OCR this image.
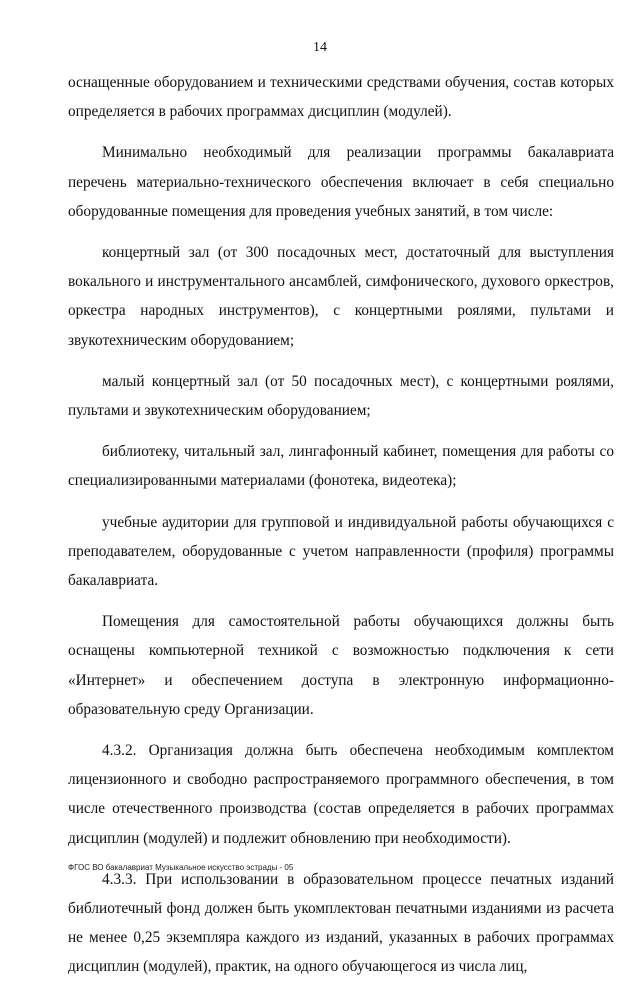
14

оснащенные оборудованием и техническими средствами обучения, состав которых определяется в рабочих программах дисциплин (модулей).

Минимально необходимый для реализации программы бакалавриата перечень материально-технического обеспечения включает в себя специально оборудованные помещения для проведения учебных занятий, в том числе:

концертный зал (от 300 посадочных мест, достаточный для выступления вокального и инструментального ансамблей, симфонического, духового оркестров, оркестра народных инструментов), с концертными роялями, пультами и звукотехническим оборудованием;

малый концертный зал (от 50 посадочных мест), с концертными роялями, пультами и звукотехническим оборудованием;

библиотеку, читальный зал, лингафонный кабинет, помещения для работы со специализированными материалами (фонотека, видеотека);

учебные аудитории для групповой и индивидуальной работы обучающихся с преподавателем, оборудованные с учетом направленности (профиля) программы бакалавриата.

Помещения для самостоятельной работы обучающихся должны быть оснащены компьютерной техникой с возможностью подключения к сети «Интернет» и обеспечением доступа в электронную информационно-образовательную среду Организации.

4.3.2. Организация должна быть обеспечена необходимым комплектом лицензионного и свободно распространяемого программного обеспечения, в том числе отечественного производства (состав определяется в рабочих программах дисциплин (модулей) и подлежит обновлению при необходимости).

4.3.3. При использовании в образовательном процессе печатных изданий библиотечный фонд должен быть укомплектован печатными изданиями из расчета не менее 0,25 экземпляра каждого из изданий, указанных в рабочих программах дисциплин (модулей), практик, на одного обучающегося из числа лиц,

ФГОС ВО бакалавриат Музыкальное искусство эстрады - 05
